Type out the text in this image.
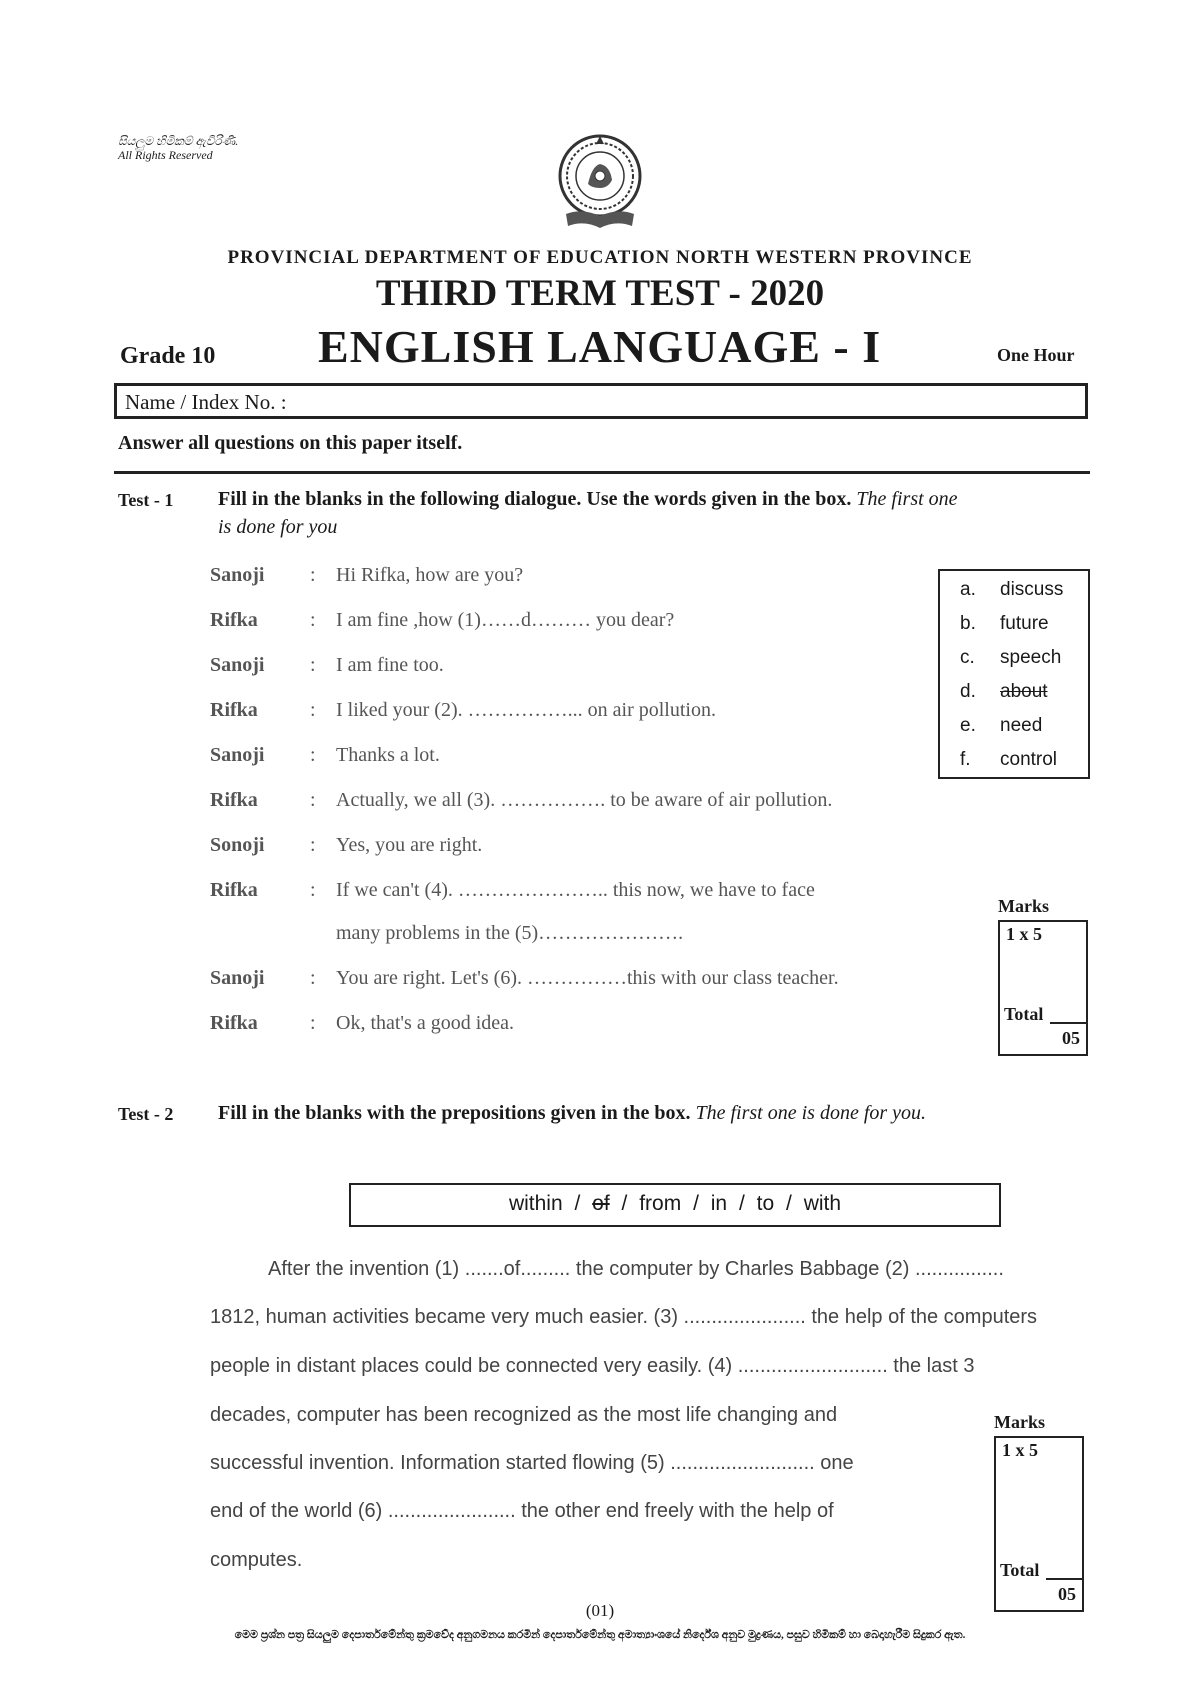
සියලුම හිමිකම් ඇවිරිණි.
All Rights Reserved
PROVINCIAL DEPARTMENT OF EDUCATION NORTH WESTERN PROVINCE
THIRD TERM TEST - 2020
Grade 10 ENGLISH LANGUAGE - I	One Hour
Name / Index No. :
Answer all questions on this paper itself.
Test - 1 Fill in the blanks in the following dialogue. Use the words given in the box. The first one
is done for you
Sanoji	: Hi Rifka, how are you?
Rifka	: I am fine ,how (1)……d……… you dear?
Sanoji	: I am fine too.
Rifka	: I liked your (2). ……………... on air pollution.
Sanoji	: Thanks a lot.
Rifka	: Actually, we all (3). ……………. to be aware of air pollution.
Sonoji	: Yes, you are right.
Rifka	: If we can't (4). ………………….. this now, we have to face
many problems in the (5)………………….
Sanoji	: You are right. Let's (6). ……………this with our class teacher.
Rifka	: Ok, that's a good idea.
a. discuss
b. future
c. speech
d. about
e. need
f. control
Marks
1 x 5
Total
05
Test - 2 Fill in the blanks with the prepositions given in the box. The first one is done for you.
within / of / from / in / to / with
After the invention (1) .......of......... the computer by Charles Babbage (2) ................
1812, human activities became very much easier. (3) ...................... the help of the computers
people in distant places could be connected very easily. (4) ........................... the last 3
decades, computer has been recognized as the most life changing and
successful invention. Information started flowing (5) .......................... one
end of the world (6) ....................... the other end freely with the help of
computes.
Marks
1 x 5
Total
05
(01)
මෙම ප්‍රශ්න පත්‍ර සියලුම දෙපාර්තමේන්තු ක්‍රමවේද අනුගමනය කරමින් දෙපාර්තමේන්තු අමාත්‍යාංශයේ නිර්දේශ අනුව මුද්‍රණය, පසුව හිමිකම් හා බෙදාහැරීම සිදුකර ඇත.
